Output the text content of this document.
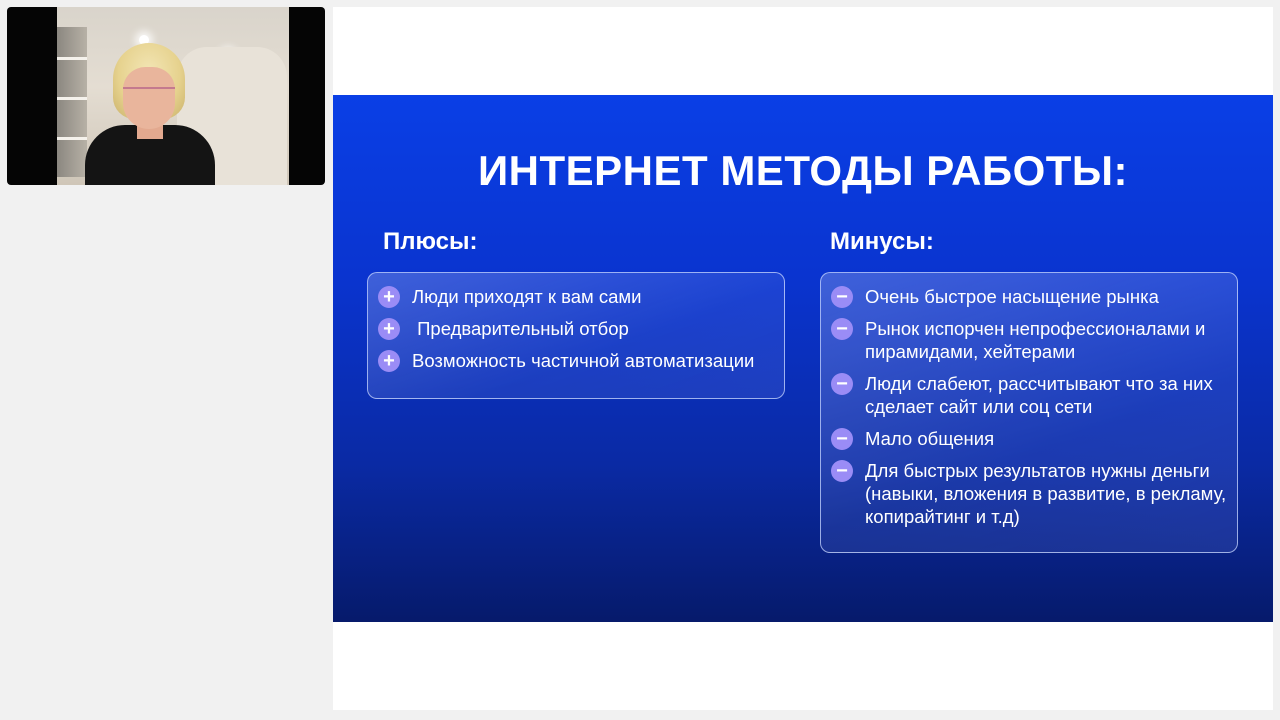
ИНТЕРНЕТ МЕТОДЫ РАБОТЫ:
Плюсы:	Минусы:
+ Люди приходят к вам сами
+ Предварительный отбор
+ Возможность частичной автоматизации
− Очень быстрое насыщение рынка
− Рынок испорчен непрофессионалами и пирамидами, хейтерами
− Люди слабеют, рассчитывают что за них сделает сайт или соц сети
− Мало общения
− Для быстрых результатов нужны деньги (навыки, вложения в развитие, в рекламу, копирайтинг и т.д)
